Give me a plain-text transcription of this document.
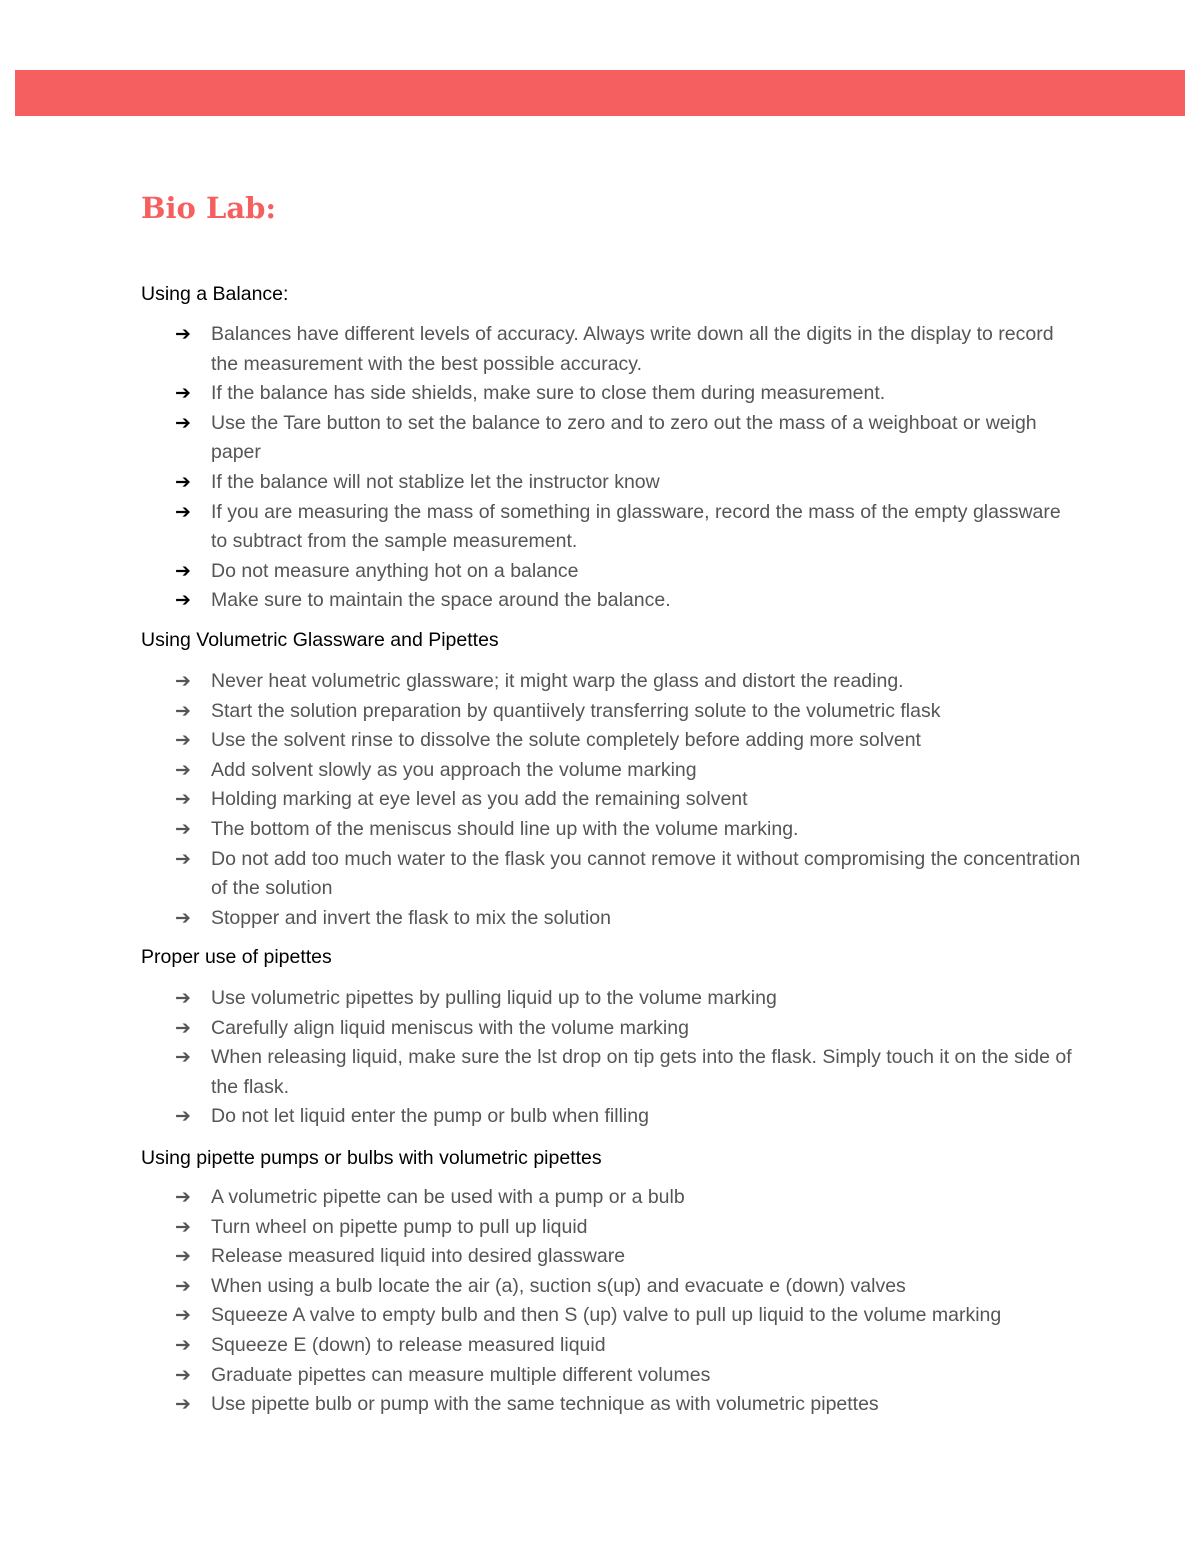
Bio Lab:
Using a Balance:
➔ Balances have different levels of accuracy. Always write down all the digits in the display to record the measurement with the best possible accuracy.
➔ If the balance has side shields, make sure to close them during measurement.
➔ Use the Tare button to set the balance to zero and to zero out the mass of a weighboat or weigh paper
➔ If the balance will not stablize let the instructor know
➔ If you are measuring the mass of something in glassware, record the mass of the empty glassware to subtract from the sample measurement.
➔ Do not measure anything hot on a balance
➔ Make sure to maintain the space around the balance.
Using Volumetric Glassware and Pipettes
➔ Never heat volumetric glassware; it might warp the glass and distort the reading.
➔ Start the solution preparation by quantiively transferring solute to the volumetric flask
➔ Use the solvent rinse to dissolve the solute completely before adding more solvent
➔ Add solvent slowly as you approach the volume marking
➔ Holding marking at eye level as you add the remaining solvent
➔ The bottom of the meniscus should line up with the volume marking.
➔ Do not add too much water to the flask you cannot remove it without compromising the concentration of the solution
➔ Stopper and invert the flask to mix the solution
Proper use of pipettes
➔ Use volumetric pipettes by pulling liquid up to the volume marking
➔ Carefully align liquid meniscus with the volume marking
➔ When releasing liquid, make sure the lst drop on tip gets into the flask. Simply touch it on the side of the flask.
➔ Do not let liquid enter the pump or bulb when filling
Using pipette pumps or bulbs with volumetric pipettes
➔ A volumetric pipette can be used with a pump or a bulb
➔ Turn wheel on pipette pump to pull up liquid
➔ Release measured liquid into desired glassware
➔ When using a bulb locate the air (a), suction s(up) and evacuate e (down) valves
➔ Squeeze A valve to empty bulb and then S (up) valve to pull up liquid to the volume marking
➔ Squeeze E (down) to release measured liquid
➔ Graduate pipettes can measure multiple different volumes
➔ Use pipette bulb or pump with the same technique as with volumetric pipettes
